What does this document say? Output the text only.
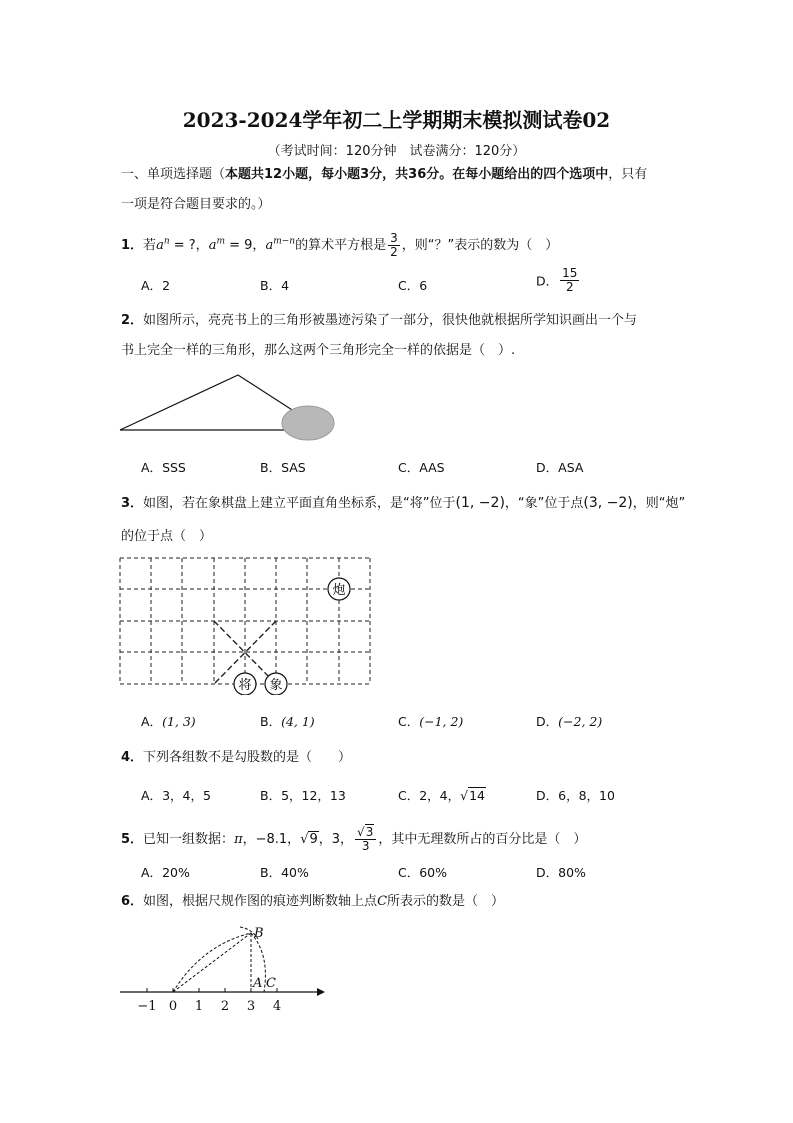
2023-2024学年初二上学期期末模拟测试卷02
（考试时间：120分钟　试卷满分：120分）
一、单项选择题（本题共12小题，每小题3分，共36分。在每小题给出的四个选项中，只有
一项是符合题目要求的。）
1．若$a^n$ = ?，$a^m = 9$，$a^{m-n}$的算术平方根是 $\frac{3}{2}$ ，则“？”表示的数为（　）
A．2	B．4	C．6	D． $\frac{15}{2}$
2．如图所示，亮亮书上的三角形被墨迹污染了一部分，很快他就根据所学知识画出一个与
书上完全一样的三角形，那么这两个三角形完全一样的依据是（　）.
A．SSS	B．SAS	C．AAS	D．ASA
3．如图，若在象棋盘上建立平面直角坐标系，是“将”位于(1, −2)，“象”位于点(3, −2)，则“炮”
的位于点（　）
炮
将 象
A．(1, 3)	B．(4, 1)	C．(−1, 2)	D．(−2, 2)
4．下列各组数不是勾股数的是（　　）
A．3，4，5	B．5，12，13	C．2，4，√14	D．6，8，10
5．已知一组数据：π，−8.1，√9，3， $\frac{√3}{3}$ ，其中无理数所占的百分比是（　）
A．20%	B．40%	C．60%	D．80%
6．如图，根据尺规作图的痕迹判断数轴上点C所表示的数是（　）
−1 0 1 2 3 4
B
A C
